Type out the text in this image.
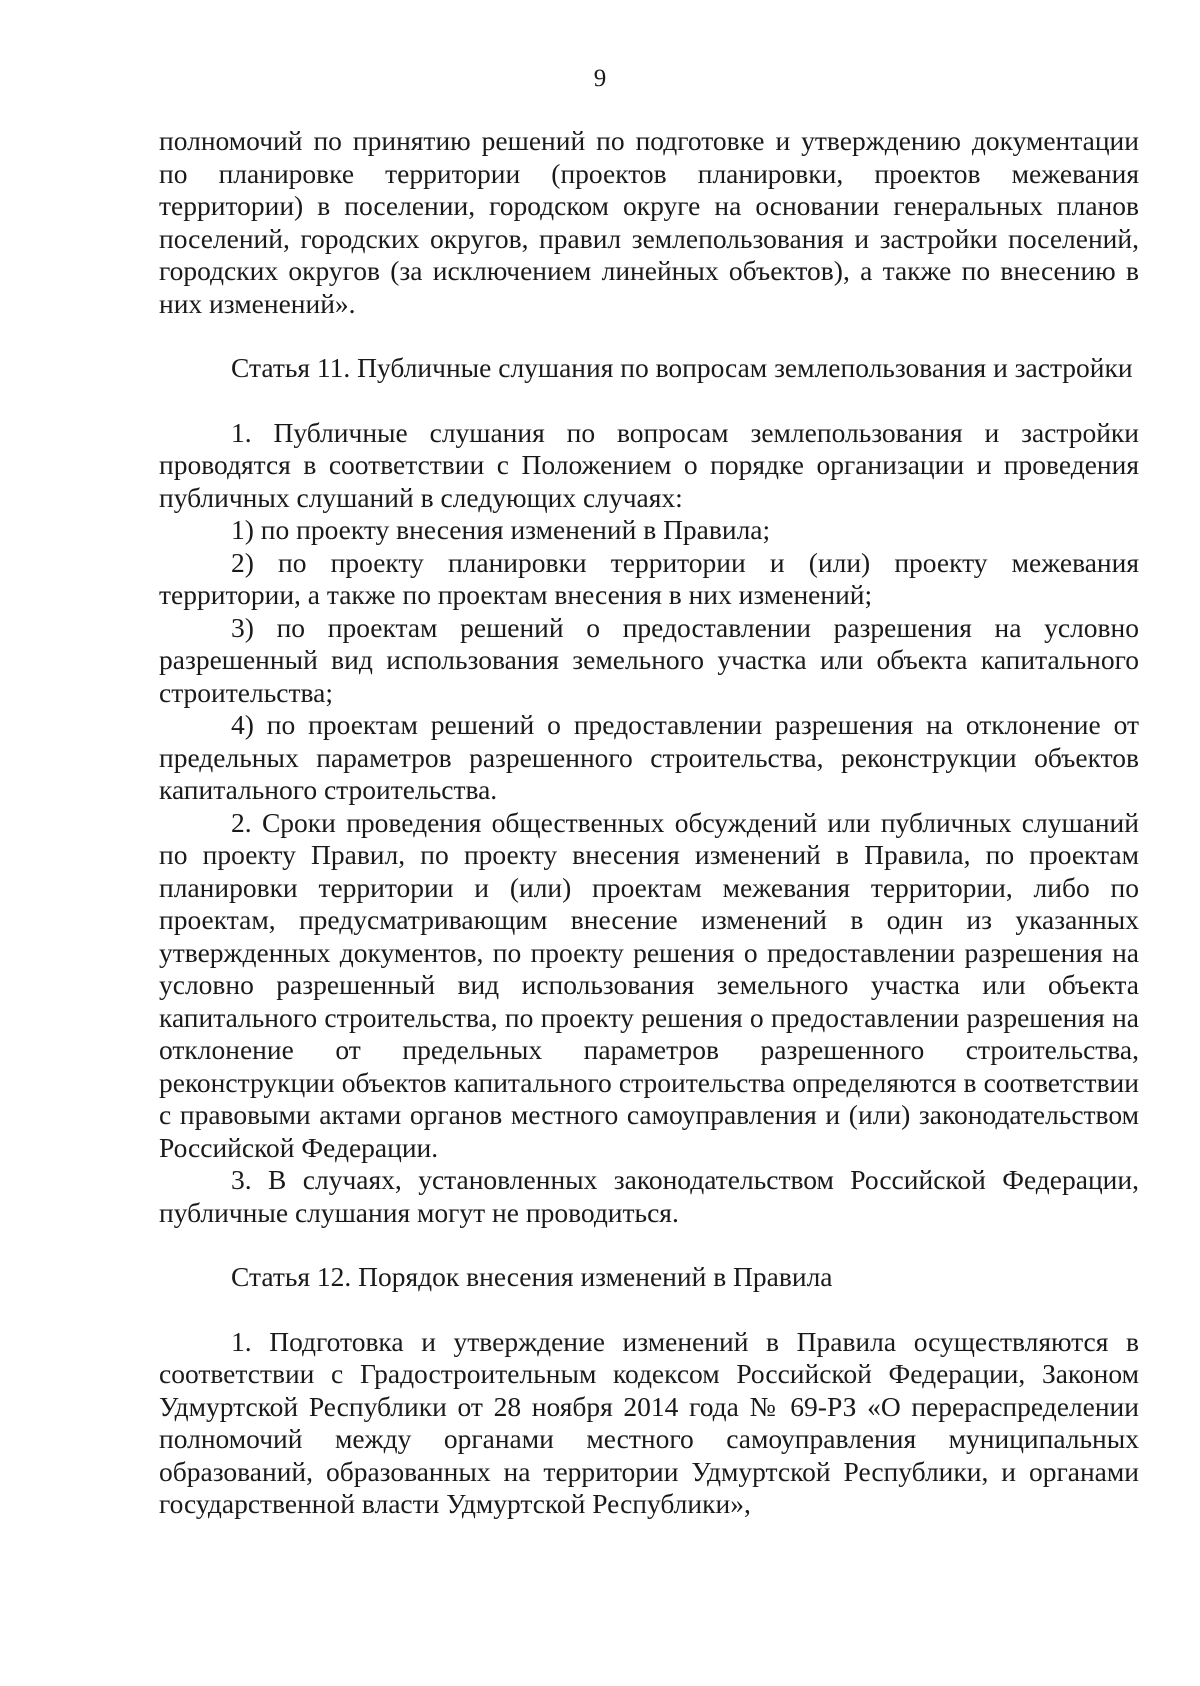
9

полномочий по принятию решений по подготовке и утверждению документации по планировке территории (проектов планировки, проектов межевания территории) в поселении, городском округе на основании генеральных планов поселений, городских округов, правил землепользования и застройки поселений, городских округов (за исключением линейных объектов), а также по внесению в них изменений».

Статья 11. Публичные слушания по вопросам землепользования и застройки

1. Публичные слушания по вопросам землепользования и застройки проводятся в соответствии с Положением о порядке организации и проведения публичных слушаний в следующих случаях:

1) по проекту внесения изменений в Правила;

2) по проекту планировки территории и (или) проекту межевания территории, а также по проектам внесения в них изменений;

3) по проектам решений о предоставлении разрешения на условно разрешенный вид использования земельного участка или объекта капитального строительства;

4) по проектам решений о предоставлении разрешения на отклонение от предельных параметров разрешенного строительства, реконструкции объектов капитального строительства.

2. Сроки проведения общественных обсуждений или публичных слушаний по проекту Правил, по проекту внесения изменений в Правила, по проектам планировки территории и (или) проектам межевания территории, либо по проектам, предусматривающим внесение изменений в один из указанных утвержденных документов, по проекту решения о предоставлении разрешения на условно разрешенный вид использования земельного участка или объекта капитального строительства, по проекту решения о предоставлении разрешения на отклонение от предельных параметров разрешенного строительства, реконструкции объектов капитального строительства определяются в соответствии с правовыми актами органов местного самоуправления и (или) законодательством Российской Федерации.

3. В случаях, установленных законодательством Российской Федерации, публичные слушания могут не проводиться.

Статья 12. Порядок внесения изменений в Правила

1. Подготовка и утверждение изменений в Правила осуществляются в соответствии с Градостроительным кодексом Российской Федерации, Законом Удмуртской Республики от 28 ноября 2014 года № 69-РЗ «О перераспределении полномочий между органами местного самоуправления муниципальных образований, образованных на территории Удмуртской Республики, и органами государственной власти Удмуртской Республики»,
